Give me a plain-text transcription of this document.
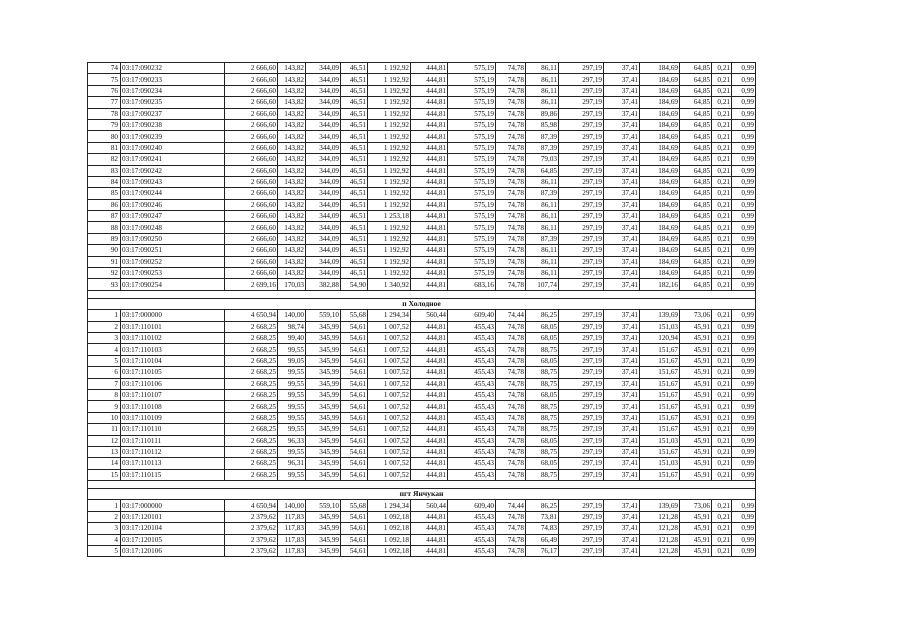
74	03:17:090232	2 666,60	143,82	344,09	46,51	1 192,92	444,81	575,19	74,78	86,11	297,19	37,41	184,69	64,85	0,21	0,99
75	03:17:090233	2 666,60	143,82	344,09	46,51	1 192,92	444,81	575,19	74,78	86,11	297,19	37,41	184,69	64,85	0,21	0,99
76	03:17:090234	2 666,60	143,82	344,09	46,51	1 192,92	444,81	575,19	74,78	86,11	297,19	37,41	184,69	64,85	0,21	0,99
77	03:17:090235	2 666,60	143,82	344,09	46,51	1 192,92	444,81	575,19	74,78	86,11	297,19	37,41	184,69	64,85	0,21	0,99
78	03:17:090237	2 666,60	143,82	344,09	46,51	1 192,92	444,81	575,19	74,78	89,86	297,19	37,41	184,69	64,85	0,21	0,99
79	03:17:090238	2 666,60	143,82	344,09	46,51	1 192,92	444,81	575,19	74,78	85,98	297,19	37,41	184,69	64,85	0,21	0,99
80	03:17:090239	2 666,60	143,82	344,09	46,51	1 192,92	444,81	575,19	74,78	87,39	297,19	37,41	184,69	64,85	0,21	0,99
81	03:17:090240	2 666,60	143,82	344,09	46,51	1 192,92	444,81	575,19	74,78	87,39	297,19	37,41	184,69	64,85	0,21	0,99
82	03:17:090241	2 666,60	143,82	344,09	46,51	1 192,92	444,81	575,19	74,78	79,03	297,19	37,41	184,69	64,85	0,21	0,99
83	03:17:090242	2 666,60	143,82	344,09	46,51	1 192,92	444,81	575,19	74,78	64,85	297,19	37,41	184,69	64,85	0,21	0,99
84	03:17:090243	2 666,60	143,82	344,09	46,51	1 192,92	444,81	575,19	74,78	86,11	297,19	37,41	184,69	64,85	0,21	0,99
85	03:17:090244	2 666,60	143,82	344,09	46,51	1 192,92	444,81	575,19	74,78	87,39	297,19	37,41	184,69	64,85	0,21	0,99
86	03:17:090246	2 666,60	143,82	344,09	46,51	1 192,92	444,81	575,19	74,78	86,11	297,19	37,41	184,69	64,85	0,21	0,99
87	03:17:090247	2 666,60	143,82	344,09	46,51	1 253,18	444,81	575,19	74,78	86,11	297,19	37,41	184,69	64,85	0,21	0,99
88	03:17:090248	2 666,60	143,82	344,09	46,51	1 192,92	444,81	575,19	74,78	86,11	297,19	37,41	184,69	64,85	0,21	0,99
89	03:17:090250	2 666,60	143,82	344,09	46,51	1 192,92	444,81	575,19	74,78	87,39	297,19	37,41	184,69	64,85	0,21	0,99
90	03:17:090251	2 666,60	143,82	344,09	46,51	1 192,92	444,81	575,19	74,78	86,11	297,19	37,41	184,69	64,85	0,21	0,99
91	03:17:090252	2 666,60	143,82	344,09	46,51	1 192,92	444,81	575,19	74,78	86,11	297,19	37,41	184,69	64,85	0,21	0,99
92	03:17:090253	2 666,60	143,82	344,09	46,51	1 192,92	444,81	575,19	74,78	86,11	297,19	37,41	184,69	64,85	0,21	0,99
93	03:17:090254	2 699,16	170,03	382,88	54,90	1 340,92	444,81	683,16	74,78	107,74	297,19	37,41	182,16	64,85	0,21	0,99

п Холодное																
1	03:17:000000	4 650,94	140,00	559,10	55,68	1 294,34	560,44	609,40	74,44	86,25	297,19	37,41	139,69	73,06	0,21	0,99
2	03:17:110101	2 668,25	98,74	345,99	54,61	1 007,52	444,81	455,43	74,78	68,05	297,19	37,41	151,03	45,91	0,21	0,99
3	03:17:110102	2 668,25	99,40	345,99	54,61	1 007,52	444,81	455,43	74,78	68,05	297,19	37,41	120,94	45,91	0,21	0,99
4	03:17:110103	2 668,25	99,55	345,99	54,61	1 007,52	444,81	455,43	74,78	88,75	297,19	37,41	151,67	45,91	0,21	0,99
5	03:17:110104	2 668,25	99,05	345,99	54,61	1 007,52	444,81	455,43	74,78	68,05	297,19	37,41	151,67	45,91	0,21	0,99
6	03:17:110105	2 668,25	99,55	345,99	54,61	1 007,52	444,81	455,43	74,78	88,75	297,19	37,41	151,67	45,91	0,21	0,99
7	03:17:110106	2 668,25	99,55	345,99	54,61	1 007,52	444,81	455,43	74,78	88,75	297,19	37,41	151,67	45,91	0,21	0,99
8	03:17:110107	2 668,25	99,55	345,99	54,61	1 007,52	444,81	455,43	74,78	68,05	297,19	37,41	151,67	45,91	0,21	0,99
9	03:17:110108	2 668,25	99,55	345,99	54,61	1 007,52	444,81	455,43	74,78	88,75	297,19	37,41	151,67	45,91	0,21	0,99
10	03:17:110109	2 668,25	99,55	345,99	54,61	1 007,52	444,81	455,43	74,78	88,75	297,19	37,41	151,67	45,91	0,21	0,99
11	03:17:110110	2 668,25	99,55	345,99	54,61	1 007,52	444,81	455,43	74,78	88,75	297,19	37,41	151,67	45,91	0,21	0,99
12	03:17:110111	2 668,25	96,33	345,99	54,61	1 007,52	444,81	455,43	74,78	68,05	297,19	37,41	151,03	45,91	0,21	0,99
13	03:17:110112	2 668,25	99,55	345,99	54,61	1 007,52	444,81	455,43	74,78	88,75	297,19	37,41	151,67	45,91	0,21	0,99
14	03:17:110113	2 668,25	96,31	345,99	54,61	1 007,52	444,81	455,43	74,78	68,05	297,19	37,41	151,03	45,91	0,21	0,99
15	03:17:110115	2 668,25	99,55	345,99	54,61	1 007,52	444,81	455,43	74,78	88,75	297,19	37,41	151,67	45,91	0,21	0,99

пгт Янчукан																
1	03:17:000000	4 650,94	140,00	559,10	55,68	1 294,34	560,44	609,40	74,44	86,25	297,19	37,41	139,69	73,06	0,21	0,99
2	03:17:120101	2 379,62	117,83	345,99	54,61	1 092,18	444,81	455,43	74,78	73,81	297,19	37,41	121,28	45,91	0,21	0,99
3	03:17:120104	2 379,62	117,83	345,99	54,61	1 092,18	444,81	455,43	74,78	74,83	297,19	37,41	121,28	45,91	0,21	0,99
4	03:17:120105	2 379,62	117,83	345,99	54,61	1 092,18	444,81	455,43	74,78	66,49	297,19	37,41	121,28	45,91	0,21	0,99
5	03:17:120106	2 379,62	117,83	345,99	54,61	1 092,18	444,81	455,43	74,78	76,17	297,19	37,41	121,28	45,91	0,21	0,99
